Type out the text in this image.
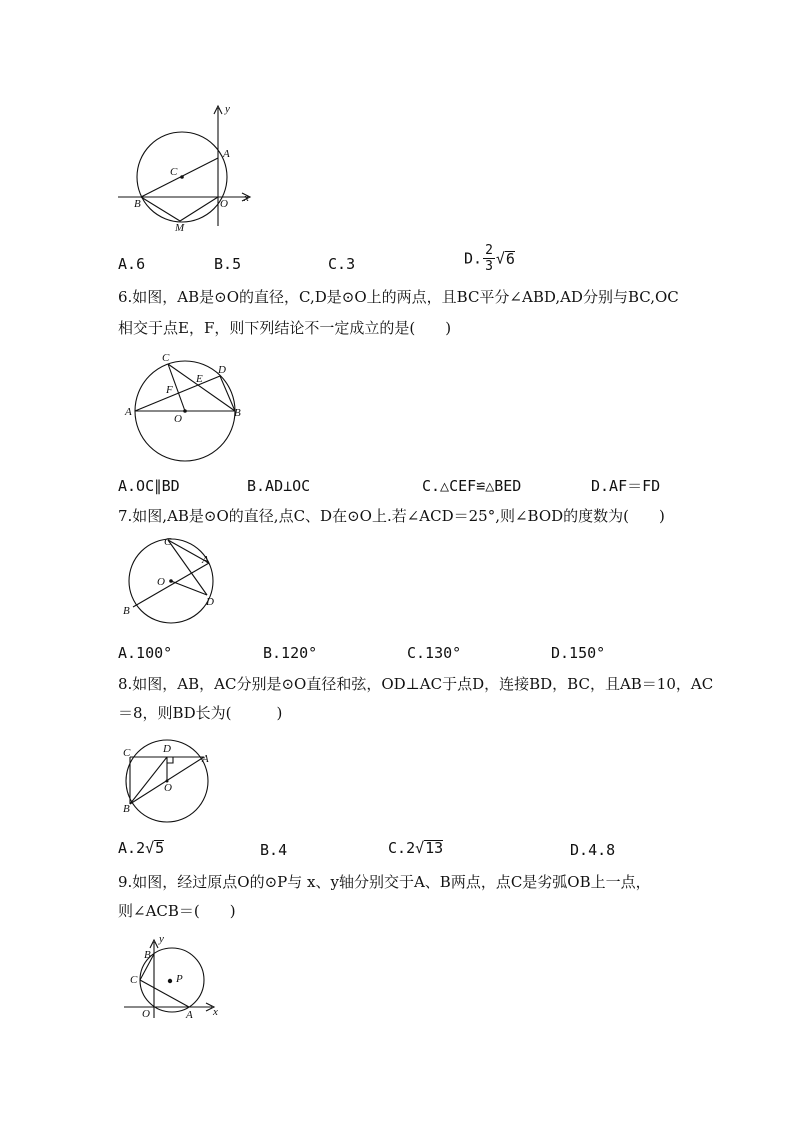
y
x
A
B
C
O
M
A.6	B.5	C.3	D. $\frac{2}{3} √6$
6.如图，AB是⊙O的直径，C,D是⊙O上的两点，且BC平分∠ABD,AD分别与BC,OC
相交于点E，F，则下列结论不一定成立的是(　　)
C
D
E
F
A
O	B
A.OC∥BD	B.AD⊥OC	C.△CEF≌△BED	D.AF＝FD
7.如图,AB是⊙O的直径,点C、D在⊙O上.若∠ACD＝25°,则∠BOD的度数为(　　)
C
A
O
B
D
A.100°	B.120°	C.130°	D.150°
8.如图，AB，AC分别是⊙O直径和弦，OD⊥AC于点D，连接BD，BC，且AB＝10，AC
＝8，则BD长为(　　　)
C	D
A
O
B
A.2√5	B.4	C.2√13	D.4.8
9.如图，经过原点O的⊙P与 x、y轴分别交于A、B两点，点C是劣弧OB上一点，
则∠ACB＝(　　)
y
B
P
C
O	A x
